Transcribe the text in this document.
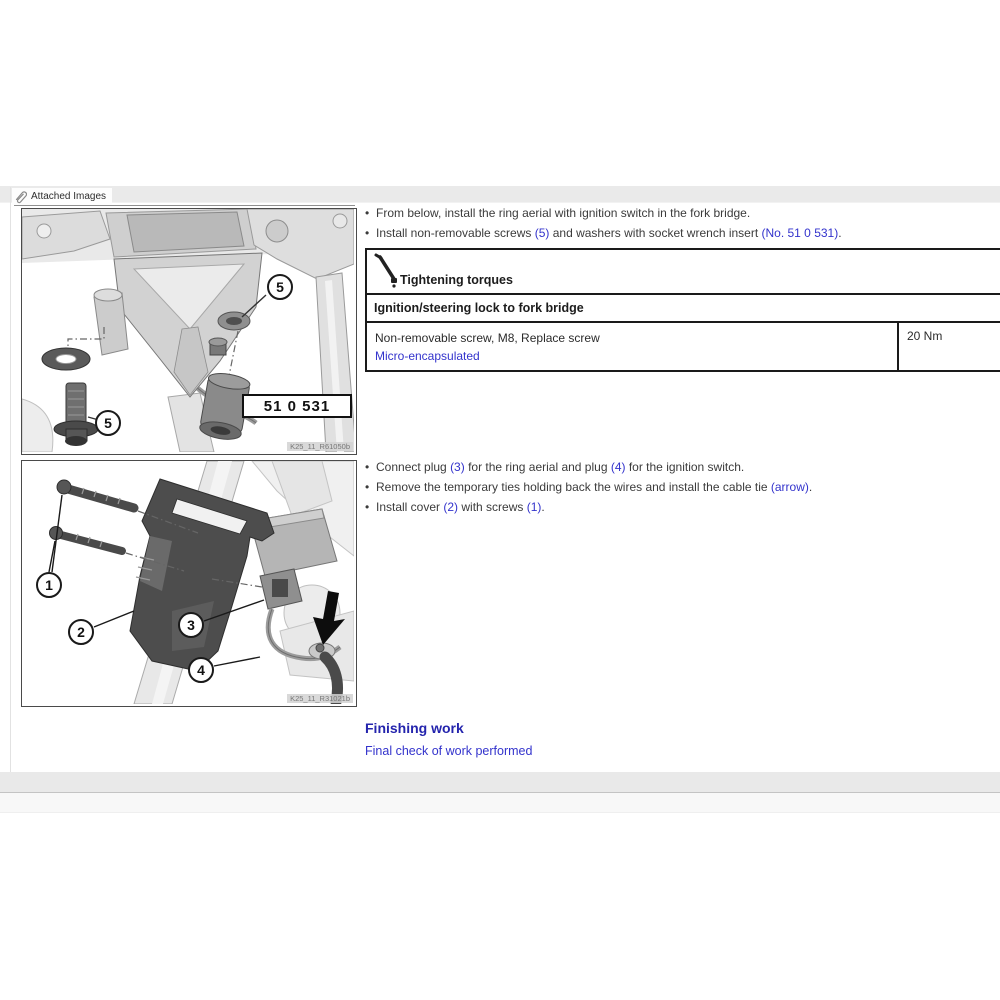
Attached Images
5
5
51 0 531
K25_11_R61050b
1
2	3
4
K25_11_R31021b
• From below, install the ring aerial with ignition switch in the fork bridge.
• Install non-removable screws (5) and washers with socket wrench insert (No. 51 0 531).
Tightening torques
Ignition/steering lock to fork bridge
Non-removable screw, M8, Replace screw
Micro-encapsulated
20 Nm
• Connect plug (3) for the ring aerial and plug (4) for the ignition switch.
• Remove the temporary ties holding back the wires and install the cable tie (arrow).
• Install cover (2) with screws (1).
Finishing work
Final check of work performed
